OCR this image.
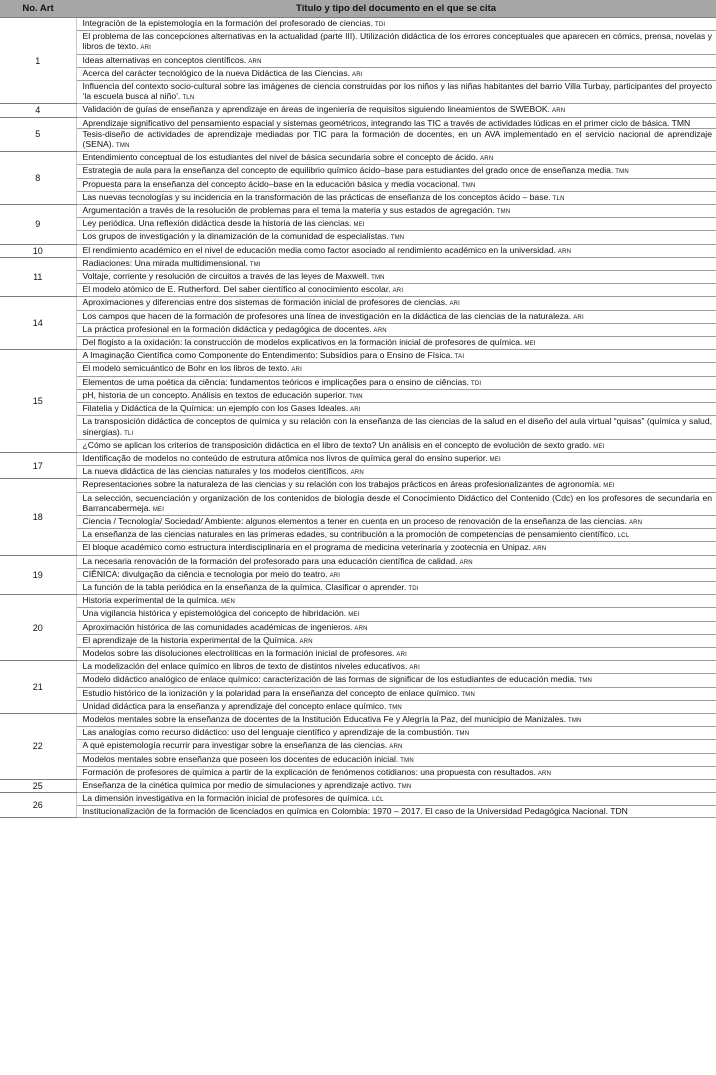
No. Art	Título y tipo del documento en el que se cita
1	Integración de la epistemología en la formación del profesorado de ciencias. TDI
	El problema de las concepciones alternativas en la actualidad (parte III). Utilización didáctica de los errores conceptuales que aparecen en cómics, prensa, novelas y libros de texto. ARI
	Ideas alternativas en conceptos científicos. ARN
	Acerca del carácter tecnológico de la nueva Didáctica de las Ciencias. ARI
	Influencia del contexto socio-cultural sobre las imágenes de ciencia construidas por los niños y las niñas habitantes del barrio Villa Turbay, participantes del proyecto ‘la escuela busca al niño’. TLN
4	Validación de guías de enseñanza y aprendizaje en áreas de ingeniería de requisitos siguiendo lineamientos de SWEBOK. ARN
5	Aprendizaje significativo del pensamiento espacial y sistemas geométricos, integrando las TIC a través de actividades lúdicas en el primer ciclo de básica. TMN
	Tesis-diseño de actividades de aprendizaje mediadas por TIC para la formación de docentes, en un AVA implementado en el servicio nacional de aprendizaje (SENA). TMN
8	Entendimiento conceptual de los estudiantes del nivel de básica secundaria sobre el concepto de ácido. ARN
	Estrategia de aula para la enseñanza del concepto de equilibrio químico ácido–base para estudiantes del grado once de enseñanza media. TMN
	Propuesta para la enseñanza del concepto ácido–base en la educación básica y media vocacional. TMN
	Las nuevas tecnologías y su incidencia en la transformación de las prácticas de enseñanza de los conceptos ácido – base. TLN
9	Argumentación a través de la resolución de problemas para el tema la materia y sus estados de agregación. TMN
	Ley periódica. Una reflexión didáctica desde la historia de las ciencias. MEI
	Los grupos de investigación y la dinamización de la comunidad de especialistas. TMN
10	El rendimiento académico en el nivel de educación media como factor asociado al rendimiento académico en la universidad. ARN
11	Radiaciones: Una mirada multidimensional. TMI
	Voltaje, corriente y resolución de circuitos a través de las leyes de Maxwell. TMN
	El modelo atómico de E. Rutherford. Del saber científico al conocimiento escolar. ARI
14	Aproximaciones y diferencias entre dos sistemas de formación inicial de profesores de ciencias. ARI
	Los campos que hacen de la formación de profesores una línea de investigación en la didáctica de las ciencias de la naturaleza. ARI
	La práctica profesional en la formación didáctica y pedagógica de docentes. ARN
	Del flogisto a la oxidación: la construcción de modelos explicativos en la formación inicial de profesores de química. MEI
15	A Imaginação Científica como Componente do Entendimento: Subsídios para o Ensino de Física. TAI
	El modelo semicuántico de Bohr en los libros de texto. ARI
	Elementos de uma poética da ciência: fundamentos teóricos e implicações para o ensino de ciências. TDI
	pH, historia de un concepto. Análisis en textos de educación superior. TMN
	Filatelia y Didáctica de la Química: un ejemplo con los Gases Ideales. ARI
	La transposición didáctica de conceptos de química y su relación con la enseñanza de las ciencias de la salud en el diseño del aula virtual “quisas” (química y salud, sinergias). TLI
	¿Cómo se aplican los criterios de transposición didáctica en el libro de texto? Un análisis en el concepto de evolución de sexto grado. MEI
17	Identificação de modelos no conteúdo de estrutura atômica nos livros de química geral do ensino superior. MEI
	La nueva didáctica de las ciencias naturales y los modelos científicos. ARN
18	Representaciones sobre la naturaleza de las ciencias y su relación con los trabajos prácticos en áreas profesionalizantes de agronomía. MEI
	La selección, secuenciación y organización de los contenidos de biología desde el Conocimiento Didáctico del Contenido (Cdc) en los profesores de secundaria en Barrancabermeja. MEI
	Ciencia / Tecnología/ Sociedad/ Ambiente: algunos elementos a tener en cuenta en un proceso de renovación de la enseñanza de las ciencias. ARN
	La enseñanza de las ciencias naturales en las primeras edades, su contribución a la promoción de competencias de pensamiento científico. LCL
	El bloque académico como estructura interdisciplinaria en el programa de medicina veterinaria y zootecnia en Unipaz. ARN
19	La necesaria renovación de la formación del profesorado para una educación científica de calidad. ARN
	CIÊNICA: divulgação da ciência e tecnologia por meio do teatro. ARI
	La función de la tabla periódica en la enseñanza de la química. Clasificar o aprender. TDI
20	Historia experimental de la química. MEN
	Una vigilancia histórica y epistemológica del concepto de hibridación. MEI
	Aproximación histórica de las comunidades académicas de ingenieros. ARN
	El aprendizaje de la historia experimental de la Química. ARN
	Modelos sobre las disoluciones electrolíticas en la formación inicial de profesores. ARI
21	La modelización del enlace químico en libros de texto de distintos niveles educativos. ARI
	Modelo didáctico analógico de enlace químico: caracterización de las formas de significar de los estudiantes de educación media. TMN
	Estudio histórico de la ionización y la polaridad para la enseñanza del concepto de enlace químico. TMN
	Unidad didáctica para la enseñanza y aprendizaje del concepto enlace químico. TMN
22	Modelos mentales sobre la enseñanza de docentes de la Institución Educativa Fe y Alegría la Paz, del municipio de Manizales. TMN
	Las analogías como recurso didáctico: uso del lenguaje científico y aprendizaje de la combustión. TMN
	A qué epistemología recurrir para investigar sobre la enseñanza de las ciencias. ARN
	Modelos mentales sobre enseñanza que poseen los docentes de educación inicial. TMN
	Formación de profesores de química a partir de la explicación de fenómenos cotidianos: una propuesta con resultados. ARN
25	Enseñanza de la cinética química por medio de simulaciones y aprendizaje activo. TMN
26	La dimensión investigativa en la formación inicial de profesores de química. LCL
	Institucionalización de la formación de licenciados en química en Colombia: 1970 – 2017. El caso de la Universidad Pedagógica Nacional. TDN
